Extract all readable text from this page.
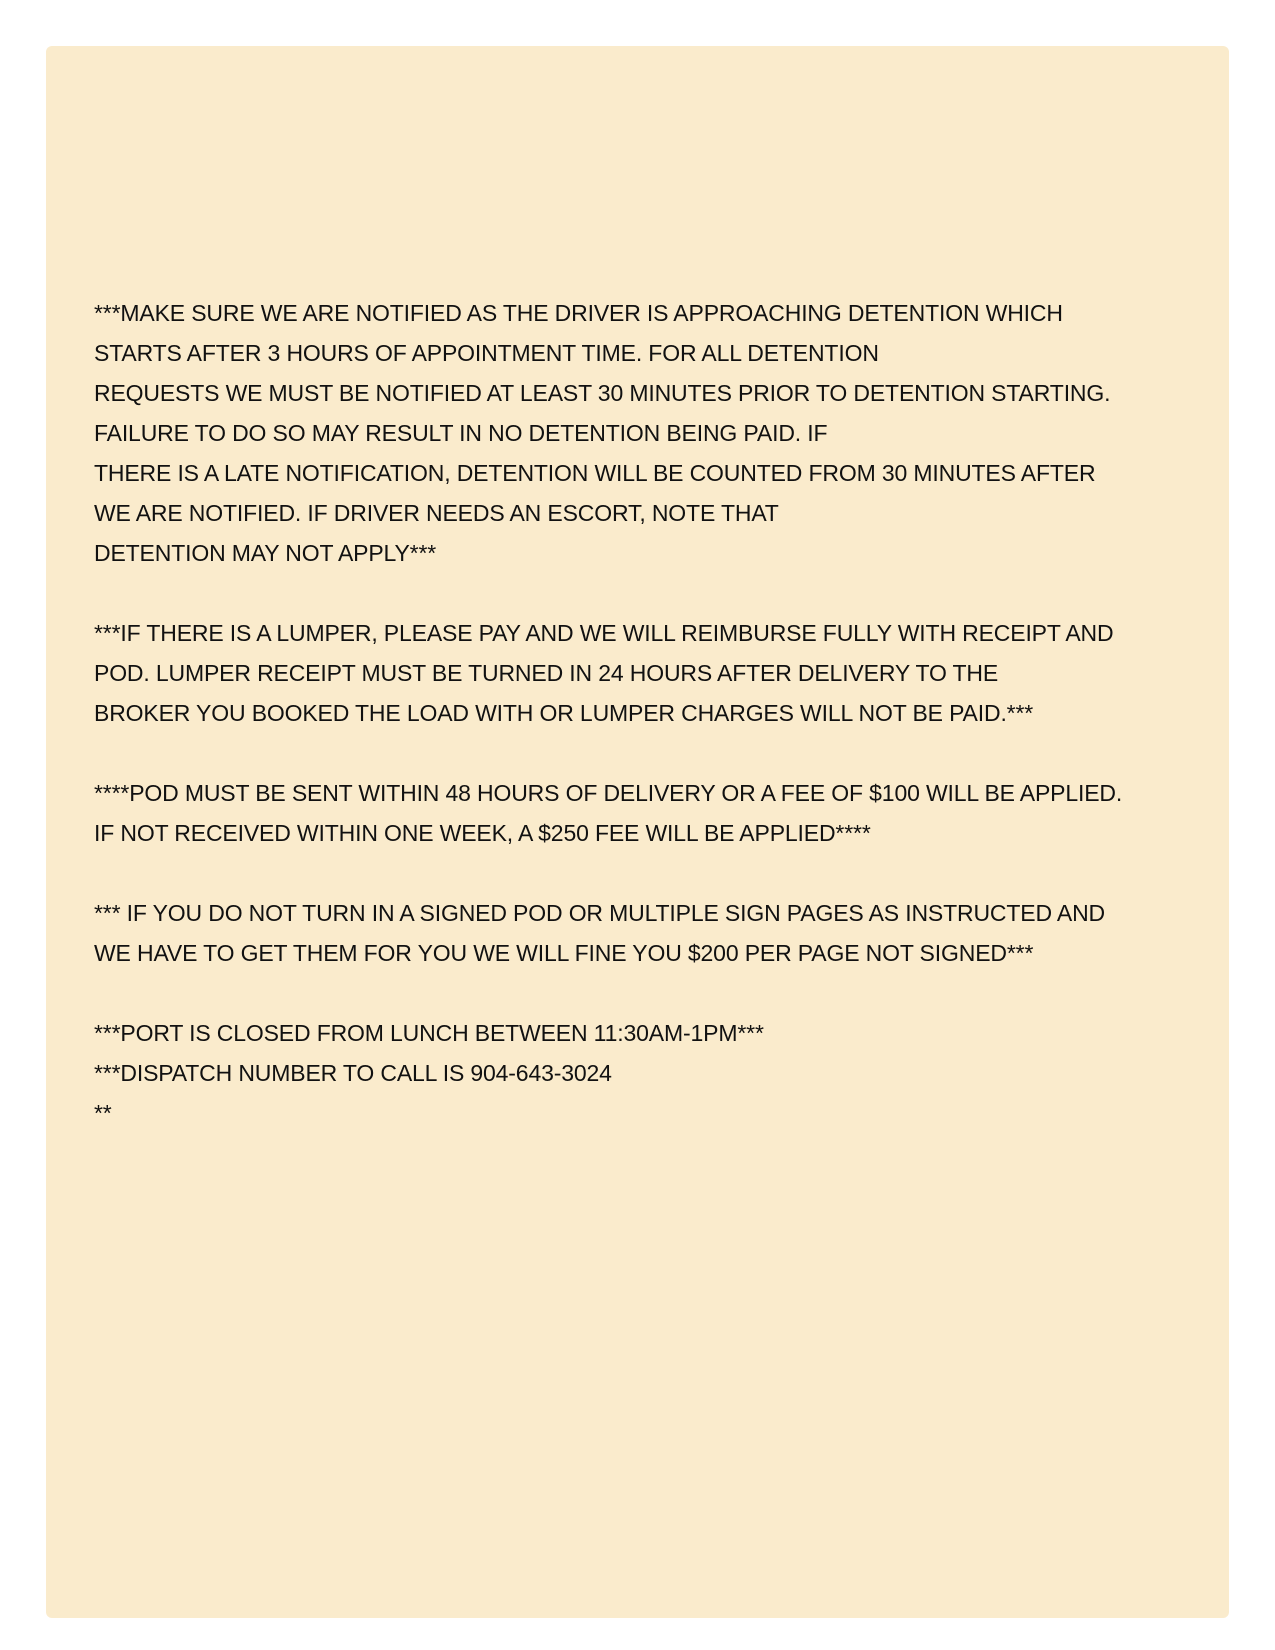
***MAKE SURE WE ARE NOTIFIED AS THE DRIVER IS APPROACHING DETENTION WHICH
STARTS AFTER 3 HOURS OF APPOINTMENT TIME. FOR ALL DETENTION
REQUESTS WE MUST BE NOTIFIED AT LEAST 30 MINUTES PRIOR TO DETENTION STARTING.
FAILURE TO DO SO MAY RESULT IN NO DETENTION BEING PAID. IF
THERE IS A LATE NOTIFICATION, DETENTION WILL BE COUNTED FROM 30 MINUTES AFTER
WE ARE NOTIFIED. IF DRIVER NEEDS AN ESCORT, NOTE THAT
DETENTION MAY NOT APPLY***
***IF THERE IS A LUMPER, PLEASE PAY AND WE WILL REIMBURSE FULLY WITH RECEIPT AND
POD. LUMPER RECEIPT MUST BE TURNED IN 24 HOURS AFTER DELIVERY TO THE
BROKER YOU BOOKED THE LOAD WITH OR LUMPER CHARGES WILL NOT BE PAID.***
****POD MUST BE SENT WITHIN 48 HOURS OF DELIVERY OR A FEE OF $100 WILL BE APPLIED.
IF NOT RECEIVED WITHIN ONE WEEK, A $250 FEE WILL BE APPLIED****
*** IF YOU DO NOT TURN IN A SIGNED POD OR MULTIPLE SIGN PAGES AS INSTRUCTED AND
WE HAVE TO GET THEM FOR YOU WE WILL FINE YOU $200 PER PAGE NOT SIGNED***
***PORT IS CLOSED FROM LUNCH BETWEEN 11:30AM-1PM***
***DISPATCH NUMBER TO CALL IS 904-643-3024
**
